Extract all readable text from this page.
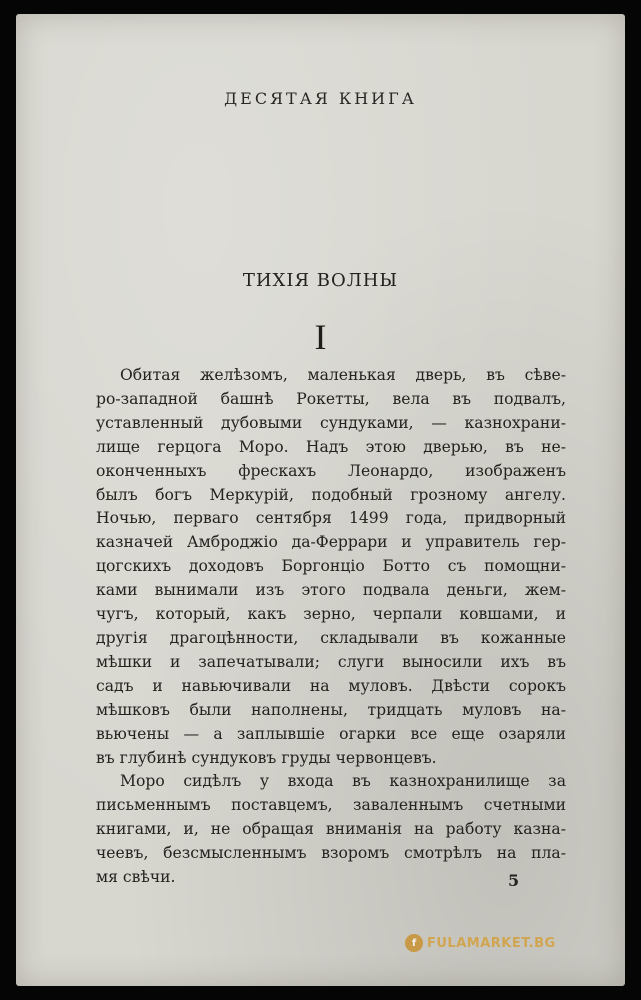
ДЕСЯТАЯ КНИГА
ТИХІЯ ВОЛНЫ
I
Обитая желѣзомъ, маленькая дверь, въ сѣве-
ро-западной башнѣ Рокетты, вела въ подвалъ,
уставленный дубовыми сундуками, — казнохрани-
лище герцога Моро. Надъ этою дверью, въ не-
оконченныхъ фрескахъ Леонардо, изображенъ
былъ богъ Меркурій, подобный грозному ангелу.
Ночью, перваго сентября 1499 года, придворный
казначей Амброджіо да-Феррари и управитель гер-
цогскихъ доходовъ Боргонціо Ботто съ помощни-
ками вынимали изъ этого подвала деньги, жем-
чугъ, который, какъ зерно, черпали ковшами, и
другія драгоцѣнности, складывали въ кожанные
мѣшки и запечатывали; слуги выносили ихъ въ
садъ и навьючивали на муловъ. Двѣсти сорокъ
мѣшковъ были наполнены, тридцать муловъ на-
вьючены — а заплывшіе огарки все еще озаряли
въ глубинѣ сундуковъ груды червонцевъ.
Моро сидѣлъ у входа въ казнохранилище за
письменнымъ поставцемъ, заваленнымъ счетными
книгами, и, не обращая вниманія на работу казна-
чеевъ, безсмысленнымъ взоромъ смотрѣлъ на пла-
мя свѣчи.	5
f FULAMARKET.BG
